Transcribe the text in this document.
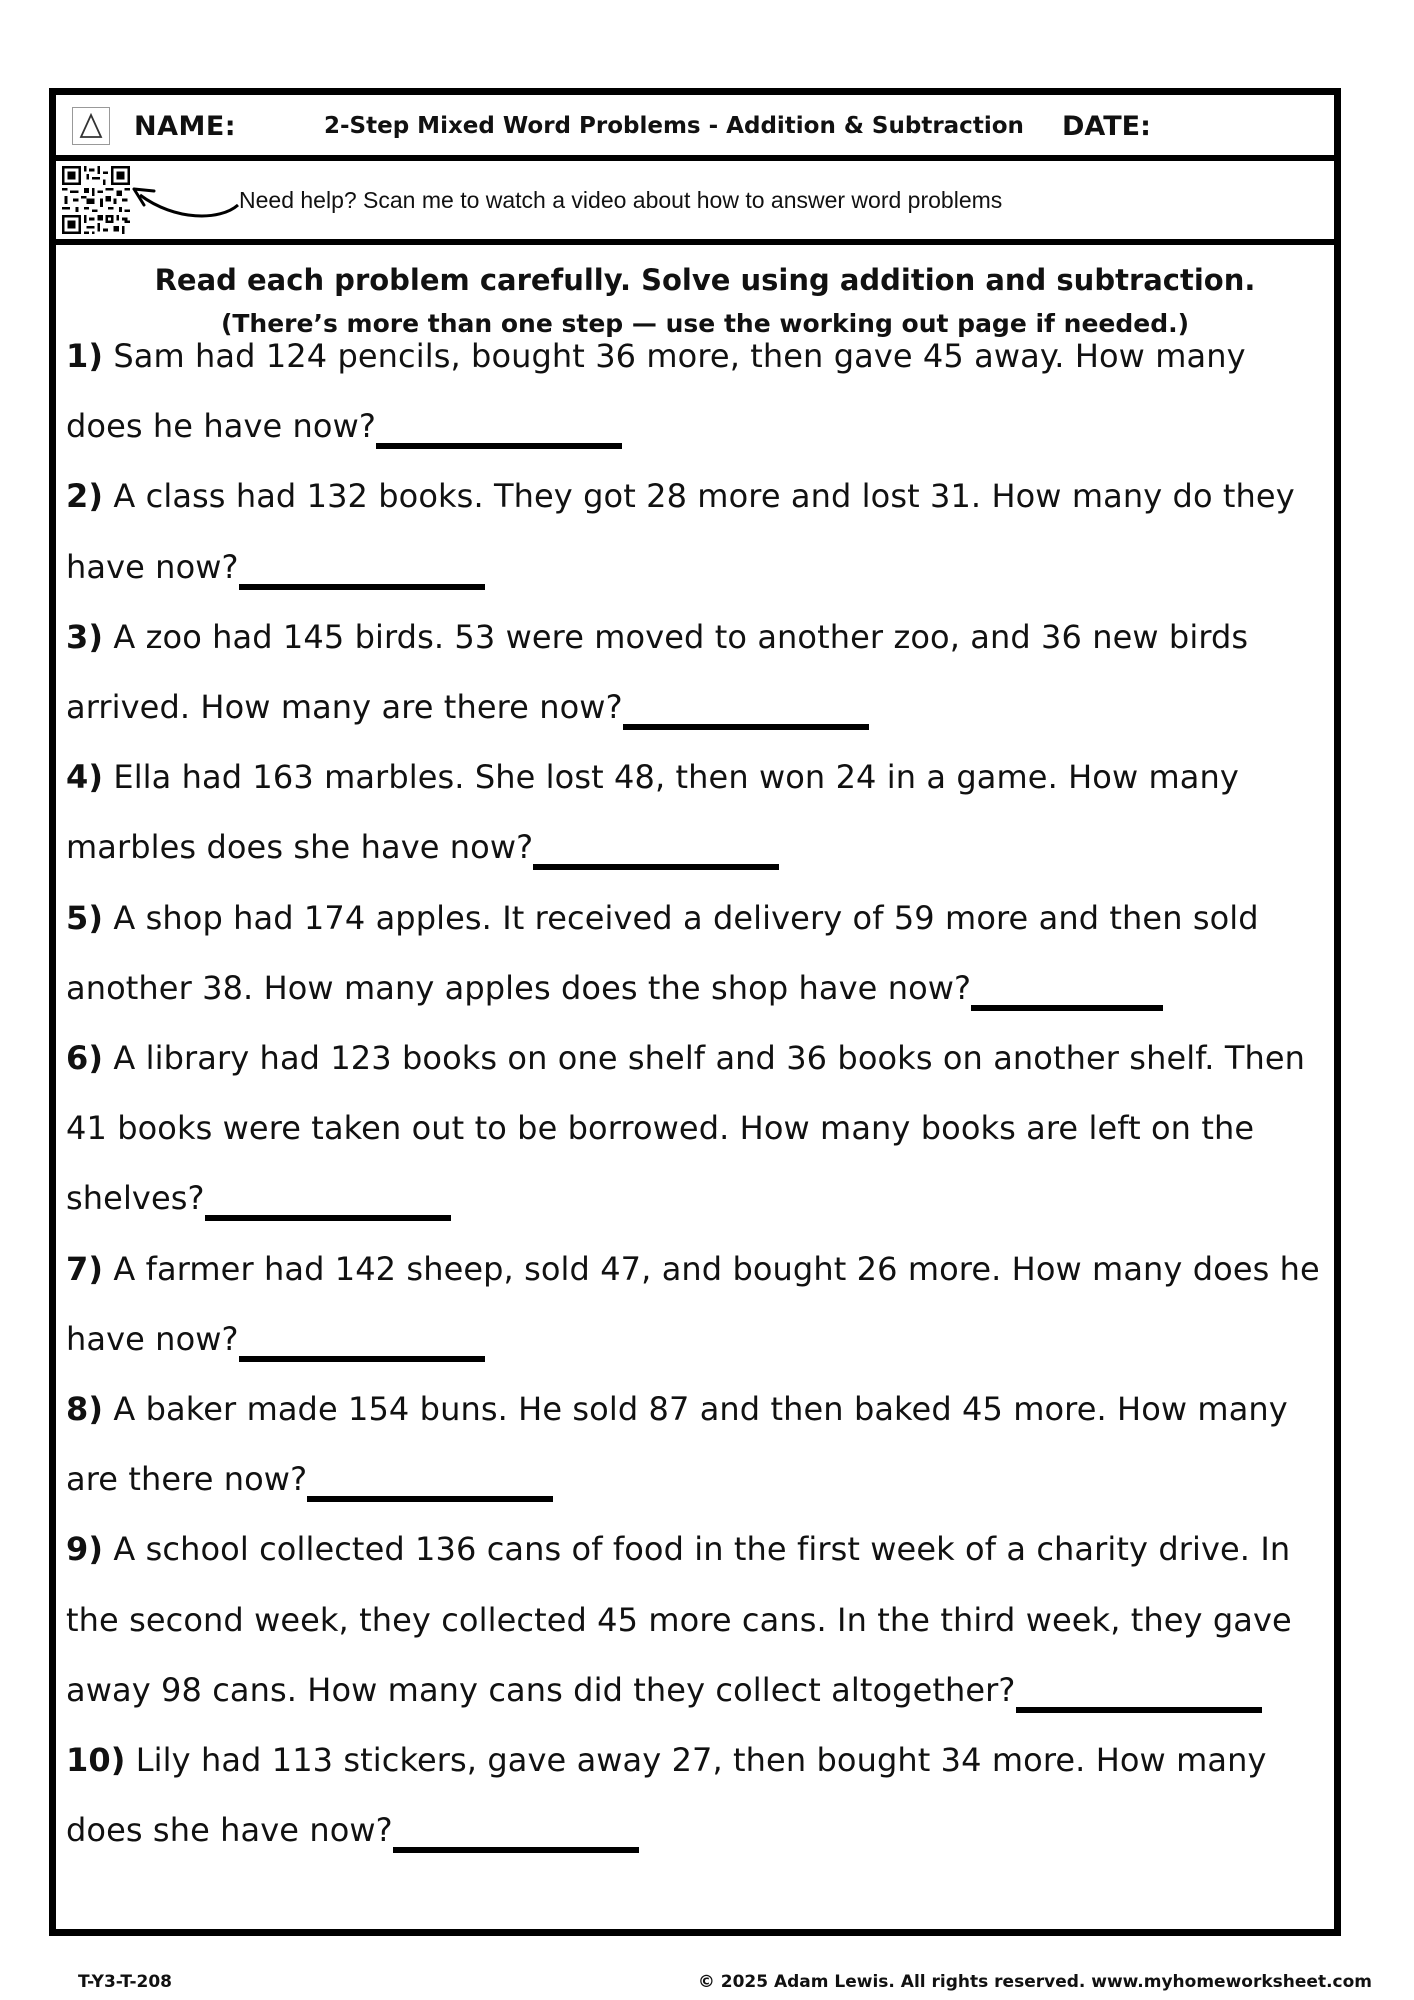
NAME:	2-Step Mixed Word Problems - Addition & Subtraction DATE:
Need help? Scan me to watch a video about how to answer word problems
Read each problem carefully. Solve using addition and subtraction.
(There’s more than one step — use the working out page if needed.)

1) Sam had 124 pencils, bought 36 more, then gave 45 away. How many does he have now?

2) A class had 132 books. They got 28 more and lost 31. How many do they have now?

3) A zoo had 145 birds. 53 were moved to another zoo, and 36 new birds arrived. How many are there now?

4) Ella had 163 marbles. She lost 48, then won 24 in a game. How many marbles does she have now?

5) A shop had 174 apples. It received a delivery of 59 more and then sold another 38. How many apples does the shop have now?

6) A library had 123 books on one shelf and 36 books on another shelf. Then 41 books were taken out to be borrowed. How many books are left on the shelves?

7) A farmer had 142 sheep, sold 47, and bought 26 more. How many does he have now?

8) A baker made 154 buns. He sold 87 and then baked 45 more. How many are there now?

9) A school collected 136 cans of food in the first week of a charity drive. In the second week, they collected 45 more cans. In the third week, they gave away 98 cans. How many cans did they collect altogether?

10) Lily had 113 stickers, gave away 27, then bought 34 more. How many does she have now?

T-Y3-T-208	© 2025 Adam Lewis. All rights reserved. www.myhomeworksheet.com
